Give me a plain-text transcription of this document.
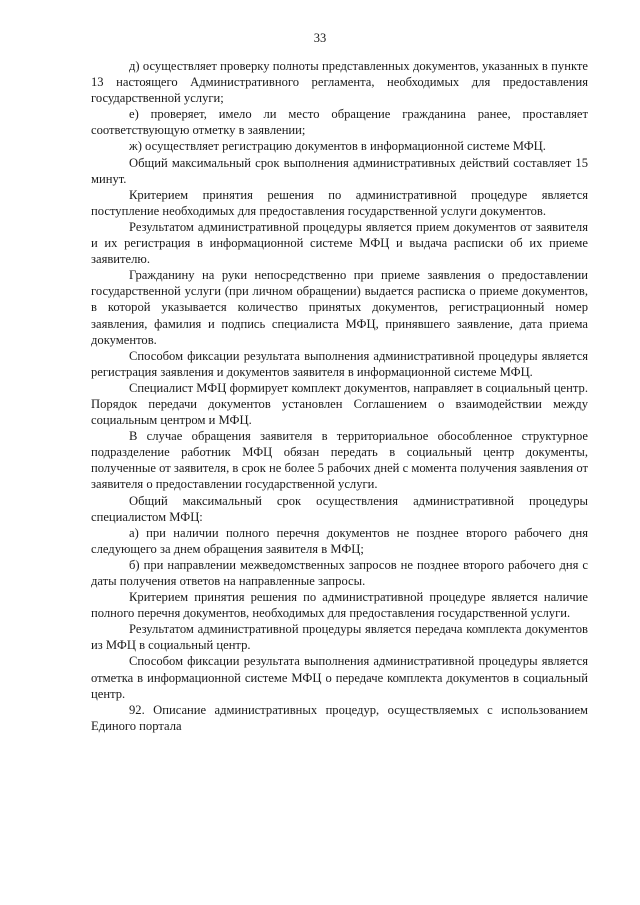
33

д) осуществляет проверку полноты представленных документов, указанных в пункте 13 настоящего Административного регламента, необходимых для предоставления государственной услуги;

е) проверяет, имело ли место обращение гражданина ранее, проставляет соответствующую отметку в заявлении;

ж) осуществляет регистрацию документов в информационной системе МФЦ.

Общий максимальный срок выполнения административных действий составляет 15 минут.

Критерием принятия решения по административной процедуре является поступление необходимых для предоставления государственной услуги документов.

Результатом административной процедуры является прием документов от заявителя и их регистрация в информационной системе МФЦ и выдача расписки об их приеме заявителю.

Гражданину на руки непосредственно при приеме заявления о предоставлении государственной услуги (при личном обращении) выдается расписка о приеме документов, в которой указывается количество принятых документов, регистрационный номер заявления, фамилия и подпись специалиста МФЦ, принявшего заявление, дата приема документов.

Способом фиксации результата выполнения административной процедуры является регистрация заявления и документов заявителя в информационной системе МФЦ.

Специалист МФЦ формирует комплект документов, направляет в социальный центр. Порядок передачи документов установлен Соглашением о взаимодействии между социальным центром и МФЦ.

В случае обращения заявителя в территориальное обособленное структурное подразделение работник МФЦ обязан передать в социальный центр документы, полученные от заявителя, в срок не более 5 рабочих дней с момента получения заявления от заявителя о предоставлении государственной услуги.

Общий максимальный срок осуществления административной процедуры специалистом МФЦ:

а) при наличии полного перечня документов не позднее второго рабочего дня следующего за днем обращения заявителя в МФЦ;

б) при направлении межведомственных запросов не позднее второго рабочего дня с даты получения ответов на направленные запросы.

Критерием принятия решения по административной процедуре является наличие полного перечня документов, необходимых для предоставления государственной услуги.

Результатом административной процедуры является передача комплекта документов из МФЦ в социальный центр.

Способом фиксации результата выполнения административной процедуры является отметка в информационной системе МФЦ о передаче комплекта документов в социальный центр.

92. Описание административных процедур, осуществляемых с использованием Единого портала
